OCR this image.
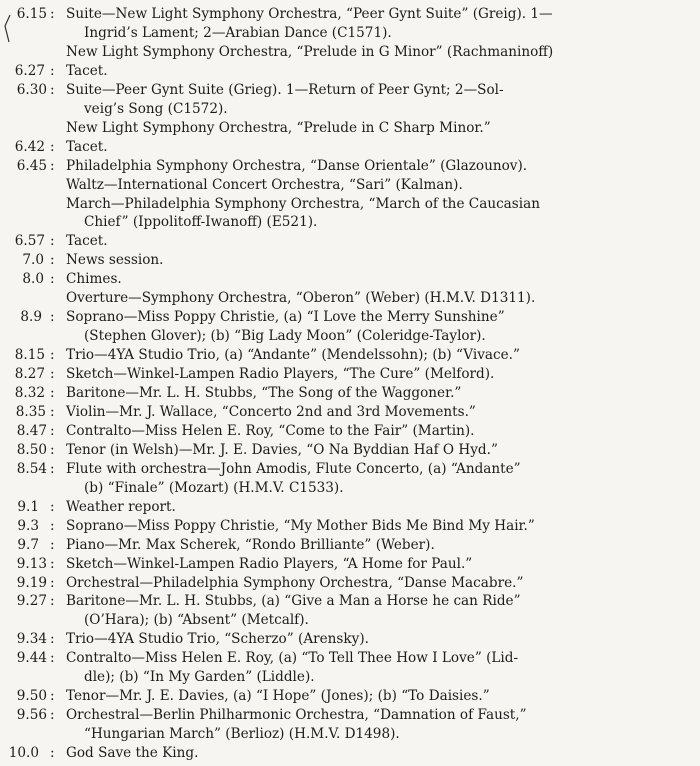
6.15 : Suite—New Light Symphony Orchestra, “Peer Gynt Suite” (Greig). 1—
Ingrid’s Lament; 2—Arabian Dance (C1571).
New Light Symphony Orchestra, “Prelude in G Minor” (Rachmaninoff)
6.27 : Tacet.
6.30 : Suite—Peer Gynt Suite (Grieg). 1—Return of Peer Gynt; 2—Sol-
veig’s Song (C1572).
New Light Symphony Orchestra, “Prelude in C Sharp Minor.”
6.42 : Tacet.
6.45 : Philadelphia Symphony Orchestra, “Danse Orientale” (Glazounov).
Waltz—International Concert Orchestra, “Sari” (Kalman).
March—Philadelphia Symphony Orchestra, “March of the Caucasian
Chief” (Ippolitoff-Iwanoff) (E521).
6.57 : Tacet.
7.0 : News session.
8.0 : Chimes.
Overture—Symphony Orchestra, “Oberon” (Weber) (H.M.V. D1311).
8.9 : Soprano—Miss Poppy Christie, (a) “I Love the Merry Sunshine”
(Stephen Glover); (b) “Big Lady Moon” (Coleridge-Taylor).
8.15 : Trio—4YA Studio Trio, (a) “Andante” (Mendelssohn); (b) “Vivace.”
8.27 : Sketch—Winkel-Lampen Radio Players, “The Cure” (Melford).
8.32 : Baritone—Mr. L. H. Stubbs, “The Song of the Waggoner.”
8.35 : Violin—Mr. J. Wallace, “Concerto 2nd and 3rd Movements.”
8.47 : Contralto—Miss Helen E. Roy, “Come to the Fair” (Martin).
8.50 : Tenor (in Welsh)—Mr. J. E. Davies, “O Na Byddian Haf O Hyd.”
8.54 : Flute with orchestra—John Amodis, Flute Concerto, (a) “Andante”
(b) “Finale” (Mozart) (H.M.V. C1533).
9.1 : Weather report.
9.3 : Soprano—Miss Poppy Christie, “My Mother Bids Me Bind My Hair.”
9.7 : Piano—Mr. Max Scherek, “Rondo Brilliante” (Weber).
9.13 : Sketch—Winkel-Lampen Radio Players, “A Home for Paul.”
9.19 : Orchestral—Philadelphia Symphony Orchestra, “Danse Macabre.”
9.27 : Baritone—Mr. L. H. Stubbs, (a) “Give a Man a Horse he can Ride”
(O’Hara); (b) “Absent” (Metcalf).
9.34 : Trio—4YA Studio Trio, “Scherzo” (Arensky).
9.44 : Contralto—Miss Helen E. Roy, (a) “To Tell Thee How I Love” (Lid-
dle); (b) “In My Garden” (Liddle).
9.50 : Tenor—Mr. J. E. Davies, (a) “I Hope” (Jones); (b) “To Daisies.”
9.56 : Orchestral—Berlin Philharmonic Orchestra, “Damnation of Faust,”
“Hungarian March” (Berlioz) (H.M.V. D1498).
10.0 : God Save the King.
